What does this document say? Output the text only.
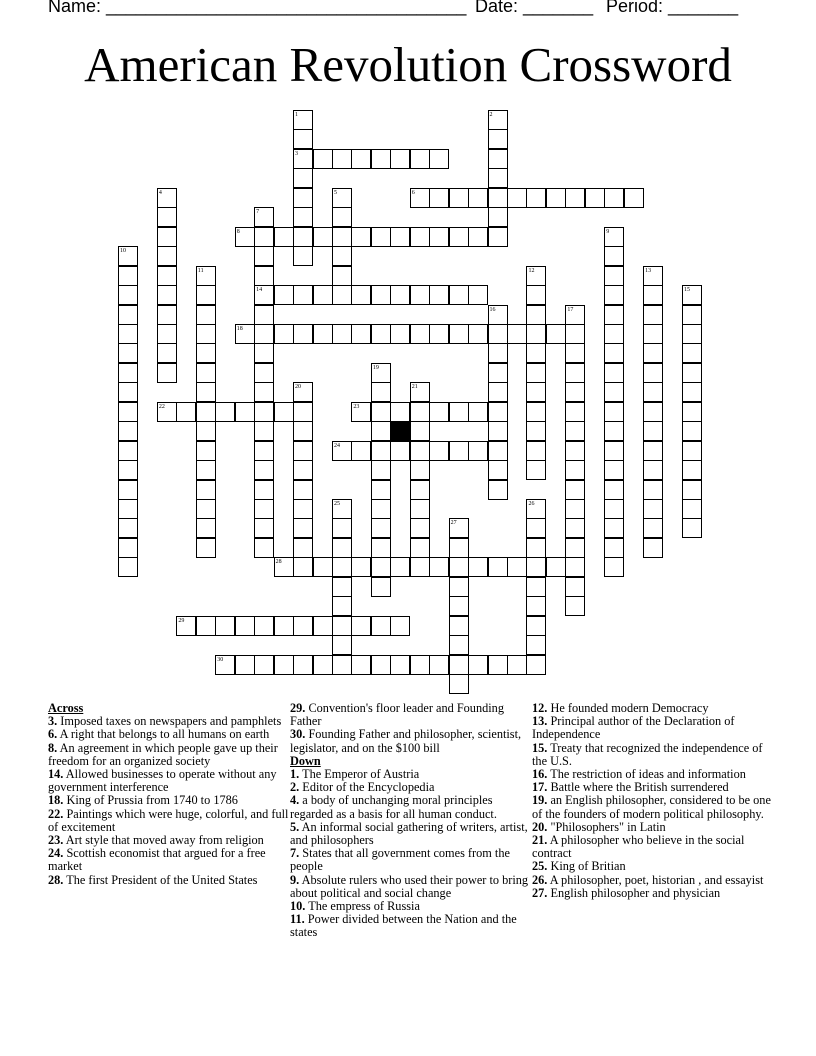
Name: ____________________________________ Date: _______ Period: _______
American Revolution Crossword
1	2
3
4	5	6
7
8	9
10
11	12	13
14	15
16	17
18
19
20	21
22	23
24
25	26
27
28
29
30
Across
3. Imposed taxes on newspapers and pamphlets
6. A right that belongs to all humans on earth
8. An agreement in which people gave up their freedom for an organized society
14. Allowed businesses to operate without any government interference
18. King of Prussia from 1740 to 1786
22. Paintings which were huge, colorful, and full of excitement
23. Art style that moved away from religion
24. Scottish economist that argued for a free market
28. The first President of the United States
29. Convention's floor leader and Founding Father
30. Founding Father and philosopher, scientist, legislator, and on the $100 bill
Down
1. The Emperor of Austria
2. Editor of the Encyclopedia
4. a body of unchanging moral principles regarded as a basis for all human conduct.
5. An informal social gathering of writers, artist, and philosophers
7. States that all government comes from the people
9. Absolute rulers who used their power to bring about political and social change
10. The empress of Russia
11. Power divided between the Nation and the states
12. He founded modern Democracy
13. Principal author of the Declaration of Independence
15. Treaty that recognized the independence of the U.S.
16. The restriction of ideas and information
17. Battle where the British surrendered
19. an English philosopher, considered to be one of the founders of modern political philosophy.
20. "Philosophers" in Latin
21. A philosopher who believe in the social contract
25. King of Britian
26. A philosopher, poet, historian , and essayist
27. English philosopher and physician
